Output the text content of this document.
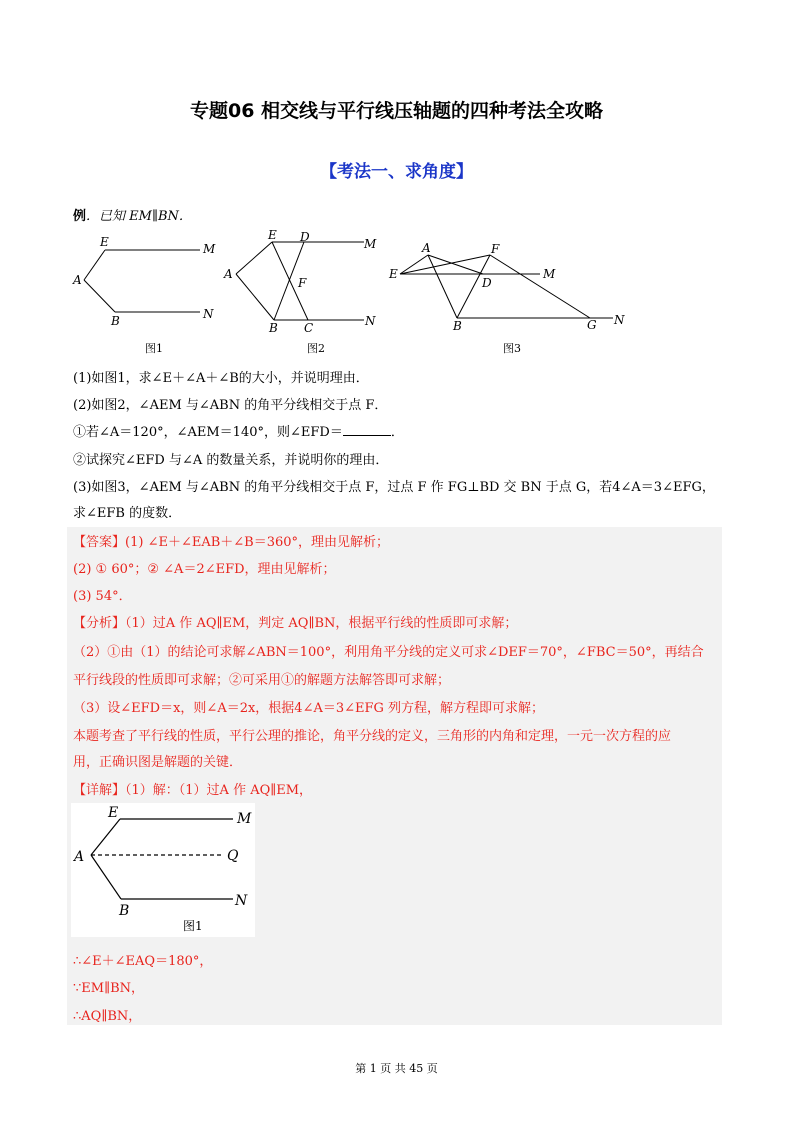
专题06 相交线与平行线压轴题的四种考法全攻略
【考法一、求角度】
例．已知 EM∥BN．
E	M
A
B	N
图1
E D	M
A
F
B C	N
图2
A	F
E
D
M
B	G N
图3
(1)如图1，求∠E＋∠A＋∠B的大小，并说明理由．
(2)如图2，∠AEM 与∠ABN 的角平分线相交于点 F．
①若∠A＝120°，∠AEM＝140°，则∠EFD＝	．
②试探究∠EFD 与∠A 的数量关系，并说明你的理由．
(3)如图3，∠AEM 与∠ABN 的角平分线相交于点 F，过点 F 作 FG⊥BD 交 BN 于点 G，若4∠A＝3∠EFG，
求∠EFB 的度数．
【答案】(1) ∠E＋∠EAB＋∠B＝360°，理由见解析；
(2) ① 60°；② ∠A＝2∠EFD，理由见解析；
(3) 54°．
【分析】（1）过A 作 AQ∥EM，判定 AQ∥BN，根据平行线的性质即可求解；
（2）①由（1）的结论可求解∠ABN＝100°，利用角平分线的定义可求∠DEF＝70°，∠FBC＝50°，再结合
平行线段的性质即可求解；②可采用①的解题方法解答即可求解；
（3）设∠EFD＝x，则∠A＝2x，根据4∠A＝3∠EFG 列方程，解方程即可求解；
本题考查了平行线的性质，平行公理的推论，角平分线的定义，三角形的内角和定理，一元一次方程的应
用，正确识图是解题的关键．
【详解】（1）解：（1）过A 作 AQ∥EM，
E	M
A	Q
B
N
图1
∴∠E＋∠EAQ＝180°，
∵EM∥BN，
∴AQ∥BN，
第 1 页 共 45 页
